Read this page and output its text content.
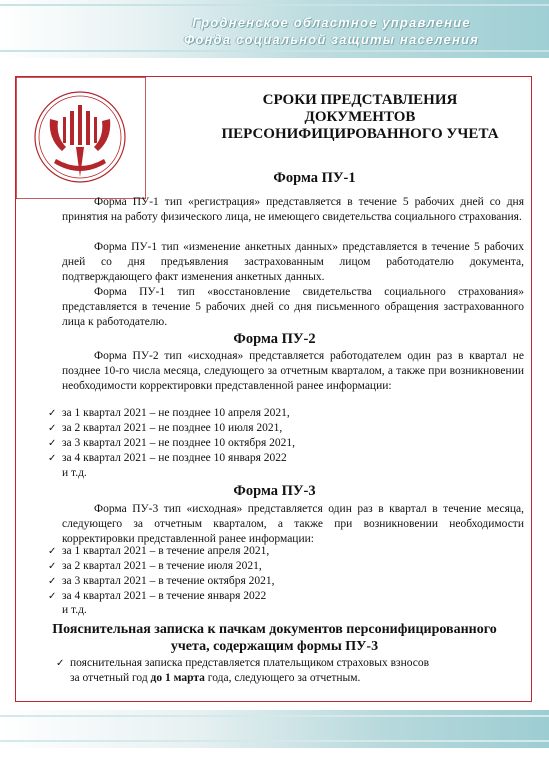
Гродненское областное управление
Фонда социальной защиты населения
СРОКИ ПРЕДСТАВЛЕНИЯ
ДОКУМЕНТОВ
ПЕРСОНИФИЦИРОВАННОГО УЧЕТА
Форма ПУ-1
Форма ПУ-1 тип «регистрация» представляется в течение 5 рабочих дней со дня принятия на работу физического лица, не имеющего свидетельства социального страхования.
Форма ПУ-1 тип «изменение анкетных данных» представляется в течение 5 рабочих дней со дня предъявления застрахованным лицом работодателю документа, подтверждающего факт изменения анкетных данных.
Форма ПУ-1 тип «восстановление свидетельства социального страхования» представляется в течение 5 рабочих дней со дня письменного обращения застрахованного лица к работодателю.
Форма ПУ-2
Форма ПУ-2 тип «исходная» представляется работодателем один раз в квартал не позднее 10-го числа месяца, следующего за отчетным кварталом, а также при возникновении необходимости корректировки представленной ранее информации:
✓ за 1 квартал 2021 – не позднее 10 апреля 2021,
✓ за 2 квартал 2021 – не позднее 10 июля 2021,
✓ за 3 квартал 2021 – не позднее 10 октября 2021,
✓ за 4 квартал 2021 – не позднее 10 января 2022
и т.д.
Форма ПУ-3
Форма ПУ-3 тип «исходная» представляется один раз в квартал в течение месяца, следующего за отчетным кварталом, а также при возникновении необходимости корректировки представленной ранее информации:
✓ за 1 квартал 2021 – в течение апреля 2021,
✓ за 2 квартал 2021 – в течение июля 2021,
✓ за 3 квартал 2021 – в течение октября 2021,
✓ за 4 квартал 2021 – в течение января 2022
и т.д.
Пояснительная записка к пачкам документов персонифицированного
учета, содержащим формы ПУ-3
✓ пояснительная записка представляется плательщиком страховых взносов
за отчетный год до 1 марта года, следующего за отчетным.
